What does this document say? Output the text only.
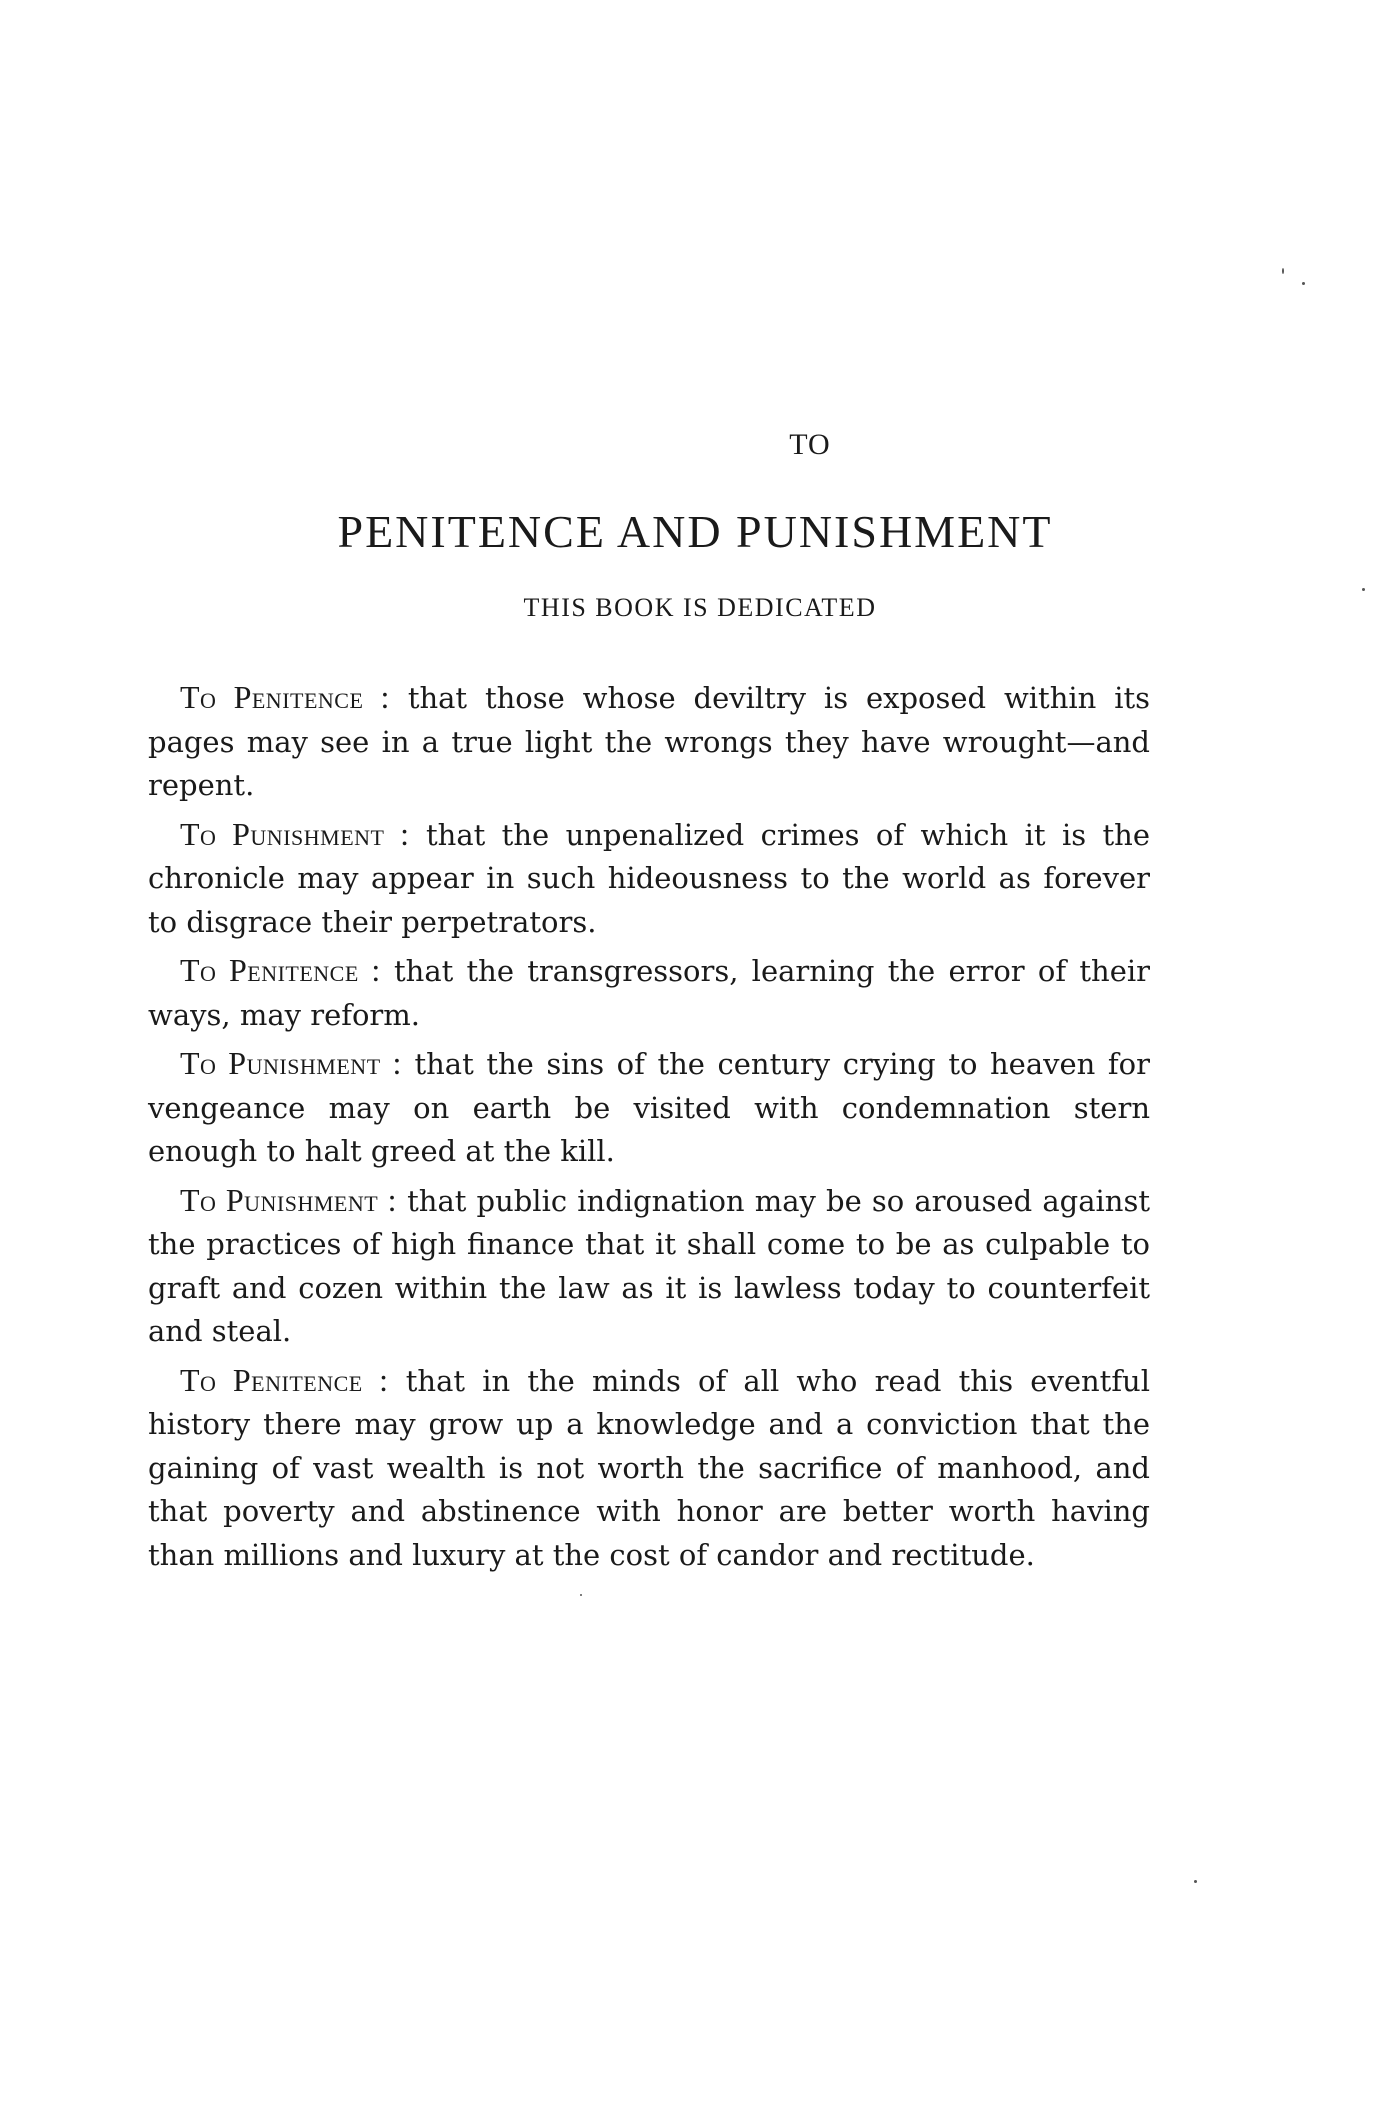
TO
PENITENCE AND PUNISHMENT
THIS BOOK IS DEDICATED

To Penitence : that those whose deviltry is exposed within its pages may see in a true light the wrongs they have wrought—and repent.

To Punishment : that the unpenalized crimes of which it is the chronicle may appear in such hideousness to the world as forever to disgrace their perpetrators.

To Penitence : that the transgressors, learning the error of their ways, may reform.

To Punishment : that the sins of the century crying to heaven for vengeance may on earth be visited with condemnation stern enough to halt greed at the kill.

To Punishment : that public indignation may be so aroused against the practices of high finance that it shall come to be as culpable to graft and cozen within the law as it is lawless today to counterfeit and steal.

To Penitence : that in the minds of all who read this eventful history there may grow up a knowledge and a conviction that the gaining of vast wealth is not worth the sacrifice of manhood, and that poverty and abstinence with honor are better worth having than millions and luxury at the cost of candor and rectitude.
